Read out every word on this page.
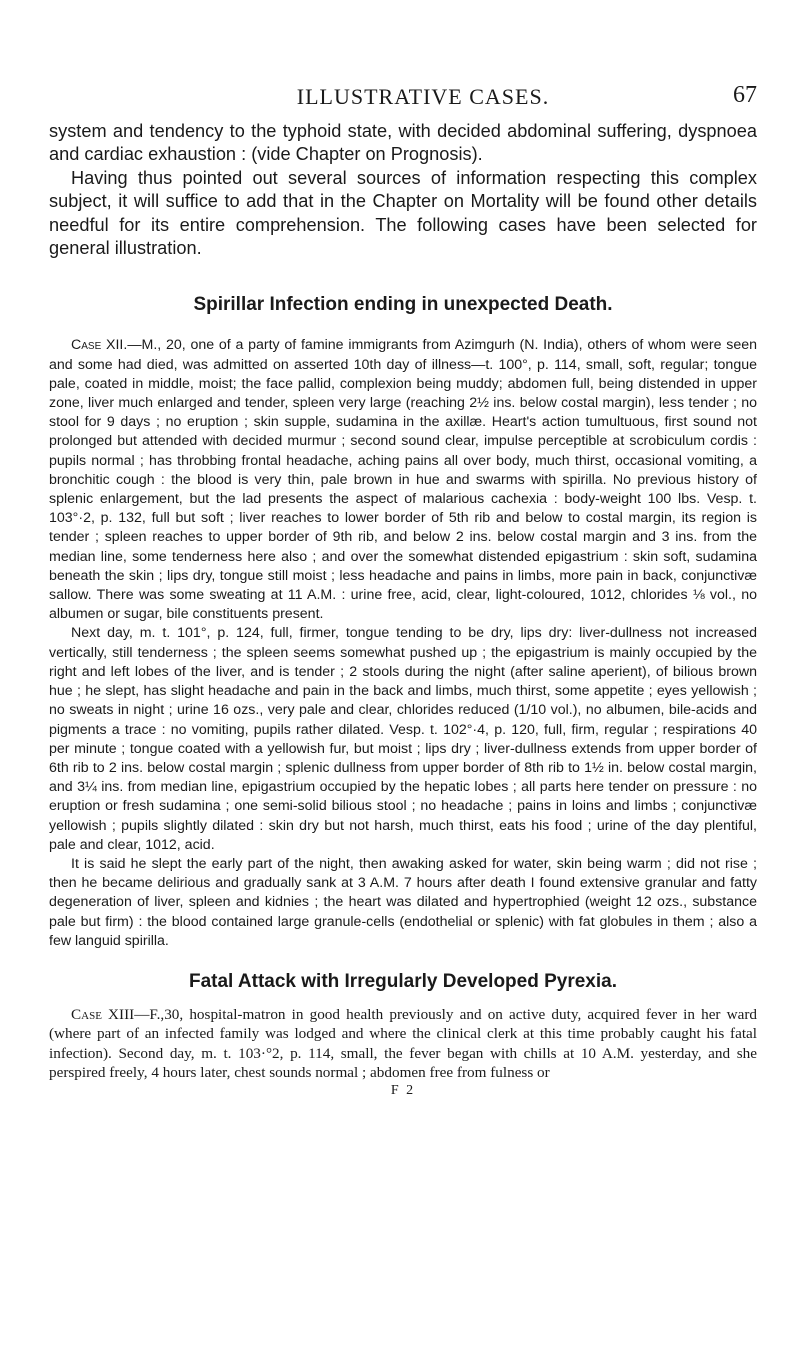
ILLUSTRATIVE CASES.	67

system and tendency to the typhoid state, with decided abdominal suffering, dyspnoea and cardiac exhaustion : (vide Chapter on Prognosis).

Having thus pointed out several sources of information respecting this complex subject, it will suffice to add that in the Chapter on Mortality will be found other details needful for its entire comprehension. The following cases have been selected for general illustration.

Spirillar Infection ending in unexpected Death.

Case XII.—M., 20, one of a party of famine immigrants from Azimgurh (N. India), others of whom were seen and some had died, was admitted on asserted 10th day of illness—t. 100°, p. 114, small, soft, regular; tongue pale, coated in middle, moist; the face pallid, complexion being muddy; abdomen full, being distended in upper zone, liver much enlarged and tender, spleen very large (reaching 2½ ins. below costal margin), less tender ; no stool for 9 days ; no eruption ; skin supple, sudamina in the axillæ. Heart's action tumultuous, first sound not prolonged but attended with decided murmur ; second sound clear, impulse perceptible at scrobiculum cordis : pupils normal ; has throbbing frontal headache, aching pains all over body, much thirst, occasional vomiting, a bronchitic cough : the blood is very thin, pale brown in hue and swarms with spirilla. No previous history of splenic enlargement, but the lad presents the aspect of malarious cachexia : body-weight 100 lbs. Vesp. t. 103°·2, p. 132, full but soft ; liver reaches to lower border of 5th rib and below to costal margin, its region is tender ; spleen reaches to upper border of 9th rib, and below 2 ins. below costal margin and 3 ins. from the median line, some tenderness here also ; and over the somewhat distended epigastrium : skin soft, sudamina beneath the skin ; lips dry, tongue still moist ; less headache and pains in limbs, more pain in back, conjunctivæ sallow. There was some sweating at 11 A.M. : urine free, acid, clear, light-coloured, 1012, chlorides ⅛ vol., no albumen or sugar, bile constituents present.

Next day, m. t. 101°, p. 124, full, firmer, tongue tending to be dry, lips dry: liver-dullness not increased vertically, still tenderness ; the spleen seems somewhat pushed up ; the epigastrium is mainly occupied by the right and left lobes of the liver, and is tender ; 2 stools during the night (after saline aperient), of bilious brown hue ; he slept, has slight headache and pain in the back and limbs, much thirst, some appetite ; eyes yellowish ; no sweats in night ; urine 16 ozs., very pale and clear, chlorides reduced (1/10 vol.), no albumen, bile-acids and pigments a trace : no vomiting, pupils rather dilated. Vesp. t. 102°·4, p. 120, full, firm, regular ; respirations 40 per minute ; tongue coated with a yellowish fur, but moist ; lips dry ; liver-dullness extends from upper border of 6th rib to 2 ins. below costal margin ; splenic dullness from upper border of 8th rib to 1½ in. below costal margin, and 3¼ ins. from median line, epigastrium occupied by the hepatic lobes ; all parts here tender on pressure : no eruption or fresh sudamina ; one semi-solid bilious stool ; no headache ; pains in loins and limbs ; conjunctivæ yellowish ; pupils slightly dilated : skin dry but not harsh, much thirst, eats his food ; urine of the day plentiful, pale and clear, 1012, acid.

It is said he slept the early part of the night, then awaking asked for water, skin being warm ; did not rise ; then he became delirious and gradually sank at 3 A.M. 7 hours after death I found extensive granular and fatty degeneration of liver, spleen and kidnies ; the heart was dilated and hypertrophied (weight 12 ozs., substance pale but firm) : the blood contained large granule-cells (endothelial or splenic) with fat globules in them ; also a few languid spirilla.

Fatal Attack with Irregularly Developed Pyrexia.

Case XIII—F.,30, hospital-matron in good health previously and on active duty, acquired fever in her ward (where part of an infected family was lodged and where the clinical clerk at this time probably caught his fatal infection). Second day, m. t. 103·°2, p. 114, small, the fever began with chills at 10 A.M. yesterday, and she perspired freely, 4 hours later, chest sounds normal ; abdomen free from fulness or

F 2
